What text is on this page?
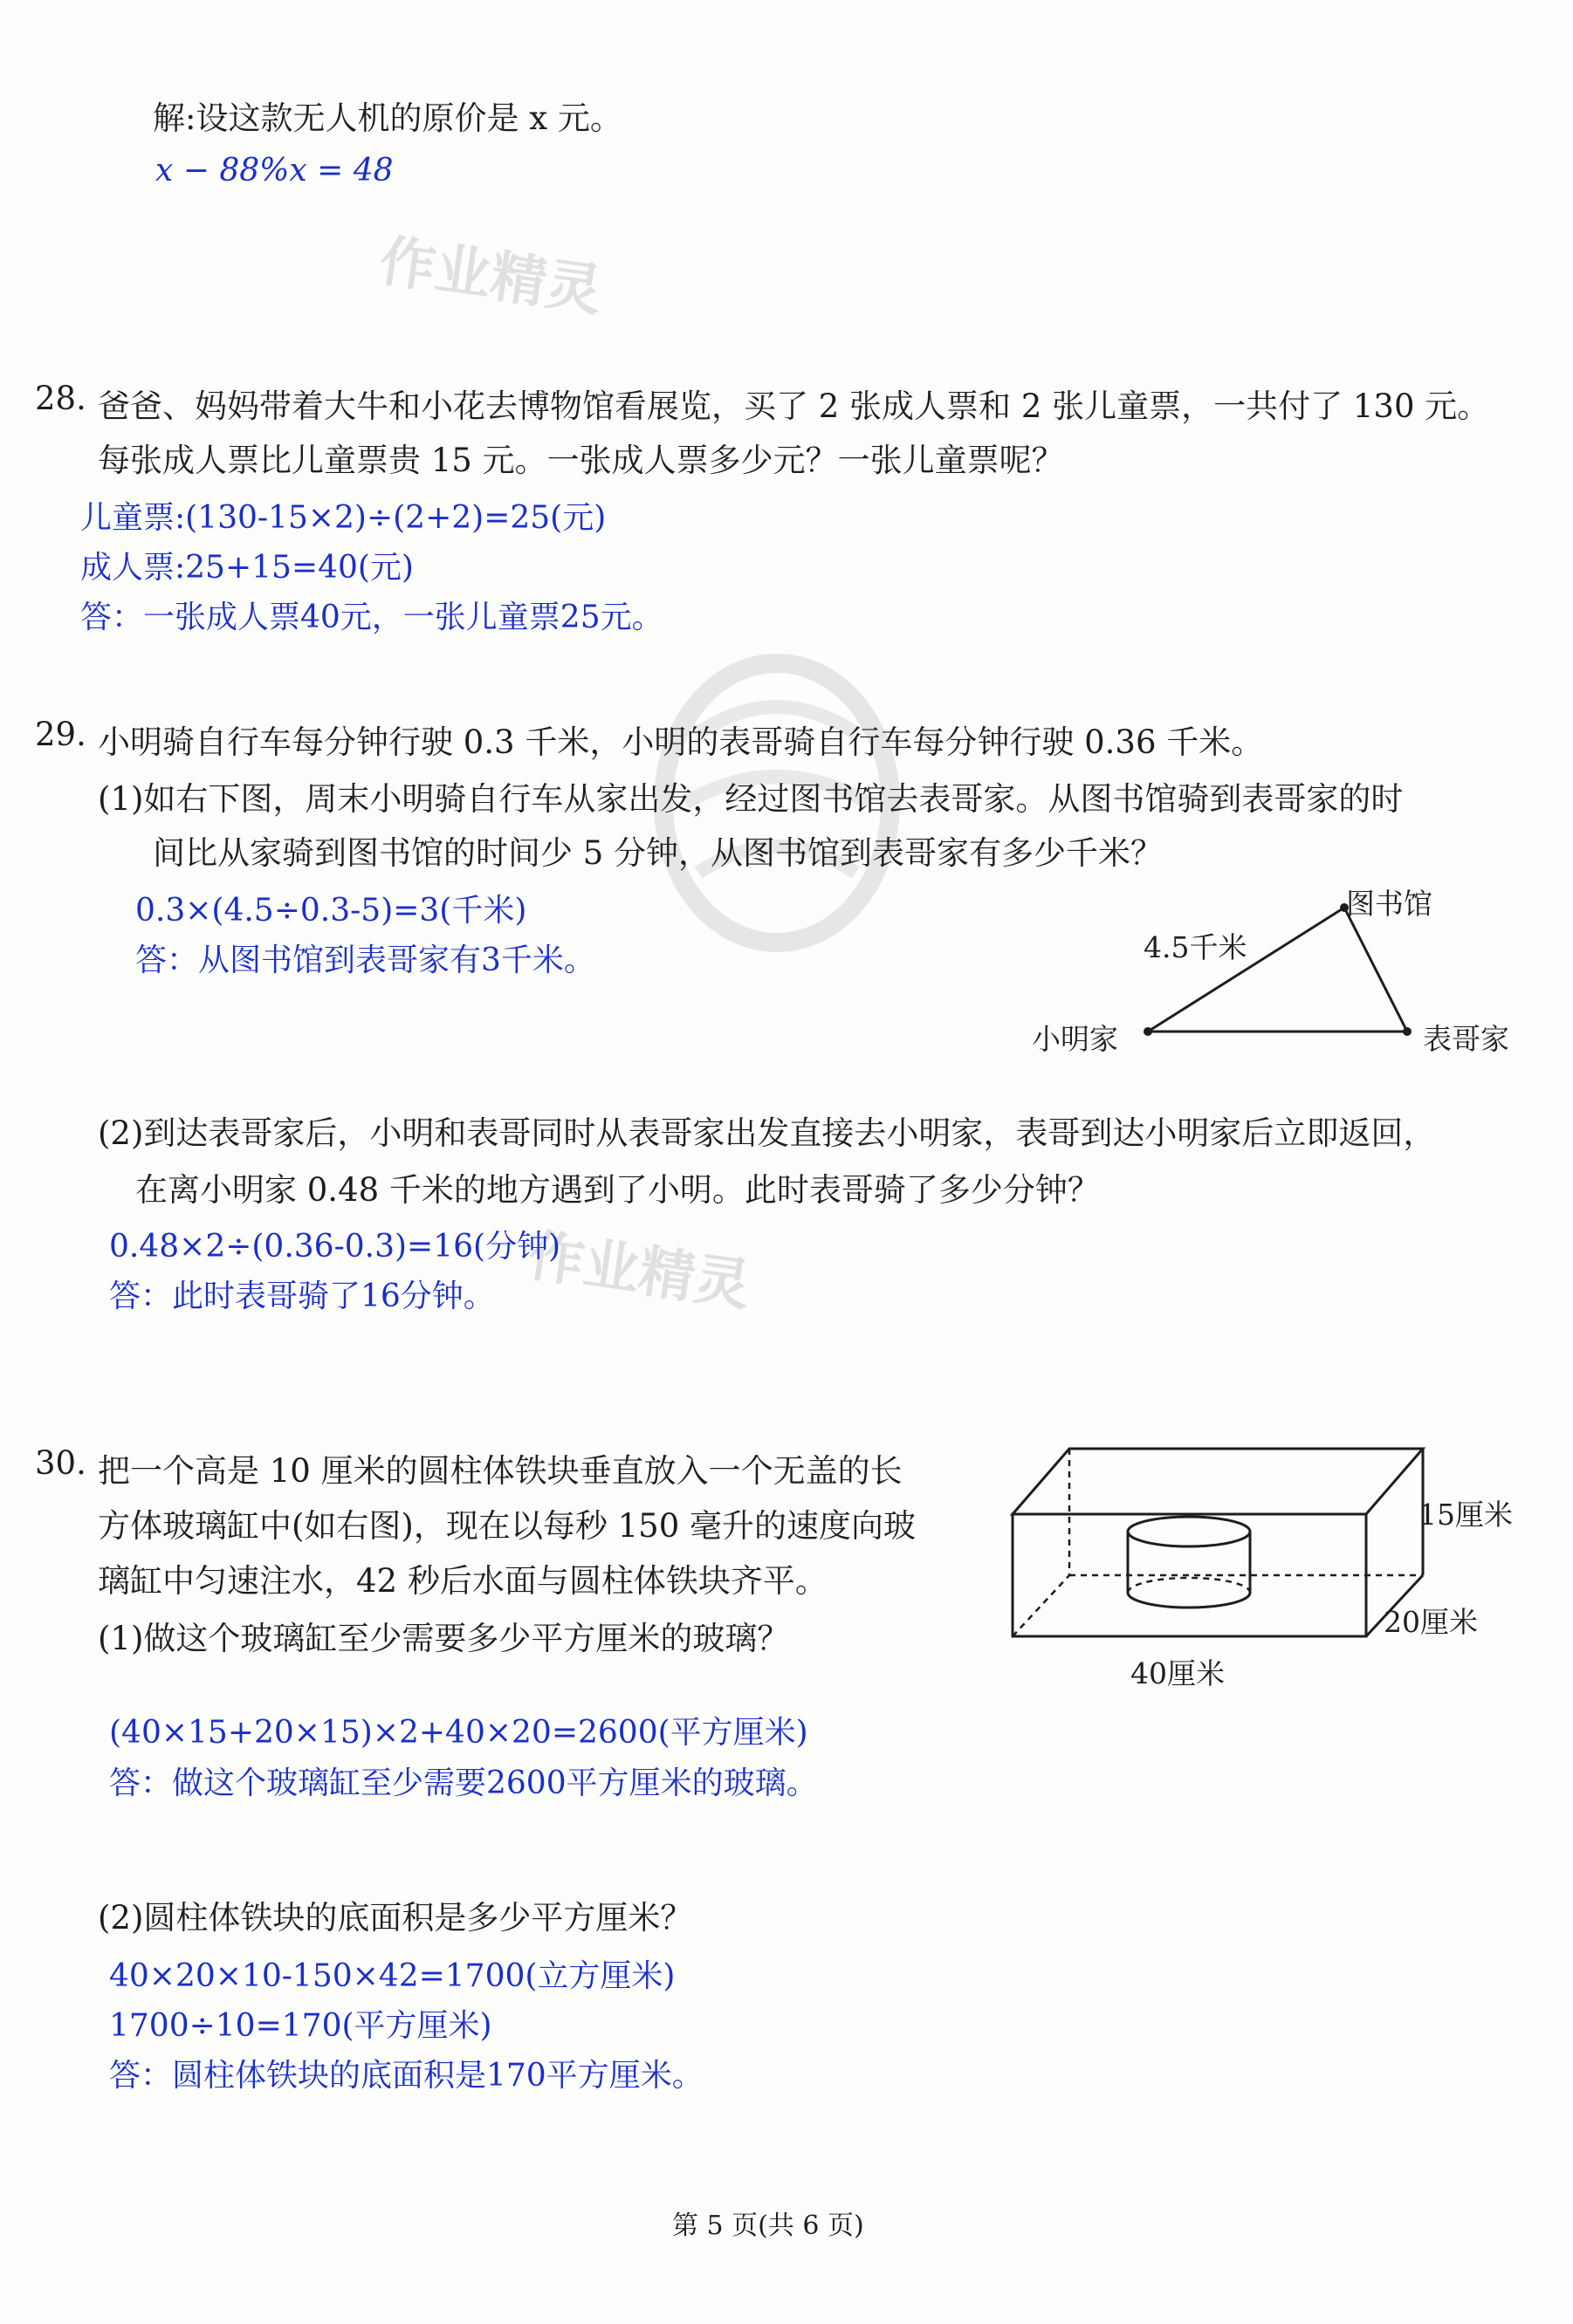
解:设这款无人机的原价是 x 元。
x − 88%x = 48
作业精灵
作业精灵
28. 爸爸、妈妈带着大牛和小花去博物馆看展览，买了 2 张成人票和 2 张儿童票，一共付了 130 元。
每张成人票比儿童票贵 15 元。一张成人票多少元？一张儿童票呢？
儿童票:(130-15×2)÷(2+2)=25(元)
成人票:25+15=40(元)
答：一张成人票40元，一张儿童票25元。
29. 小明骑自行车每分钟行驶 0.3 千米，小明的表哥骑自行车每分钟行驶 0.36 千米。
(1)如右下图，周末小明骑自行车从家出发，经过图书馆去表哥家。从图书馆骑到表哥家的时
间比从家骑到图书馆的时间少 5 分钟，从图书馆到表哥家有多少千米？
0.3×(4.5÷0.3-5)=3(千米)
答：从图书馆到表哥家有3千米。
图书馆
4.5千米
小明家	表哥家
(2)到达表哥家后，小明和表哥同时从表哥家出发直接去小明家，表哥到达小明家后立即返回，
在离小明家 0.48 千米的地方遇到了小明。此时表哥骑了多少分钟？
0.48×2÷(0.36-0.3)=16(分钟)
答：此时表哥骑了16分钟。
30. 把一个高是 10 厘米的圆柱体铁块垂直放入一个无盖的长
方体玻璃缸中(如右图)，现在以每秒 150 毫升的速度向玻
璃缸中匀速注水，42 秒后水面与圆柱体铁块齐平。
(1)做这个玻璃缸至少需要多少平方厘米的玻璃？
(40×15+20×15)×2+40×20=2600(平方厘米)
答：做这个玻璃缸至少需要2600平方厘米的玻璃。
15厘米
20厘米
40厘米
(2)圆柱体铁块的底面积是多少平方厘米？
40×20×10-150×42=1700(立方厘米)
1700÷10=170(平方厘米)
答：圆柱体铁块的底面积是170平方厘米。
第 5 页(共 6 页)
